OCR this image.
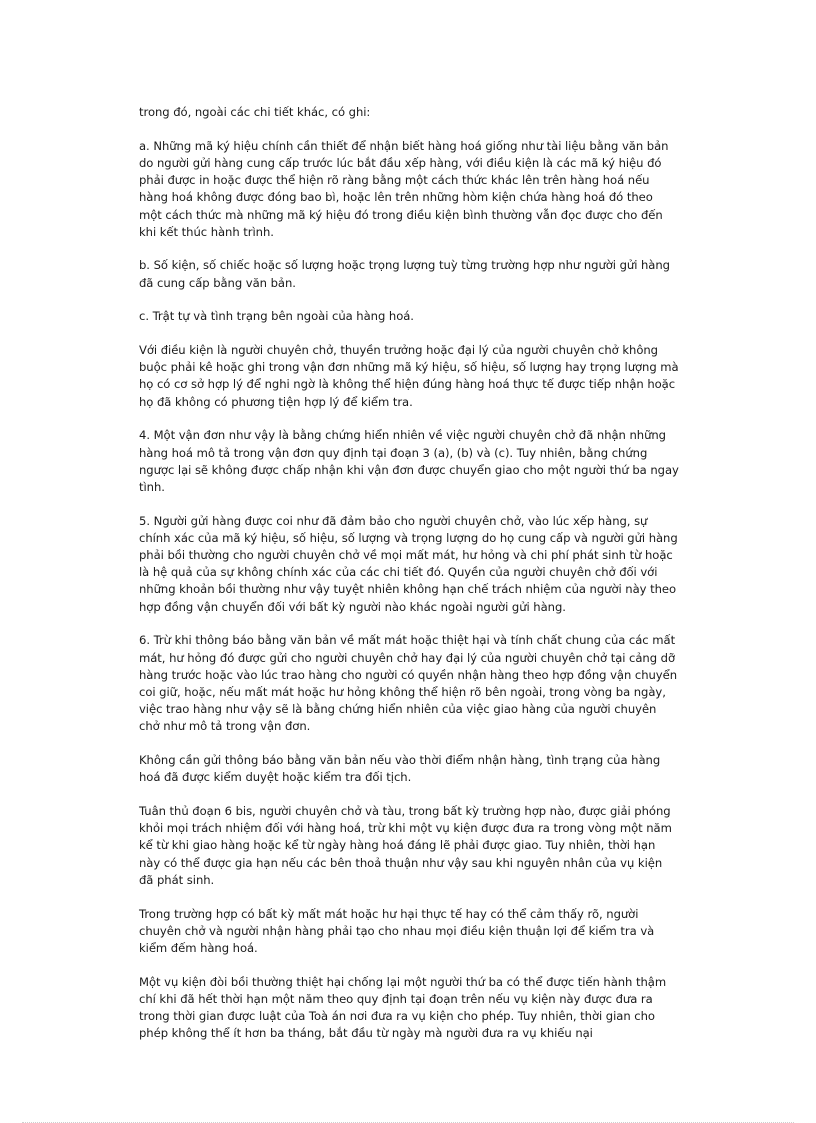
trong đó, ngoài các chi tiết khác, có ghi:

a. Những mã ký hiệu chính cần thiết để nhận biết hàng hoá giống như tài liệu bằng văn bản do người gửi hàng cung cấp trước lúc bắt đầu xếp hàng, với điều kiện là các mã ký hiệu đó phải được in hoặc được thể hiện rõ ràng bằng một cách thức khác lên trên hàng hoá nếu hàng hoá không được đóng bao bì, hoặc lên trên những hòm kiện chứa hàng hoá đó theo một cách thức mà những mã ký hiệu đó trong điều kiện bình thường vẫn đọc được cho đến khi kết thúc hành trình.

b. Số kiện, số chiếc hoặc số lượng hoặc trọng lượng tuỳ từng trường hợp như người gửi hàng đã cung cấp bằng văn bản.

c. Trật tự và tình trạng bên ngoài của hàng hoá.

Với điều kiện là người chuyên chở, thuyền trưởng hoặc đại lý của người chuyên chở không buộc phải kê hoặc ghi trong vận đơn những mã ký hiệu, số hiệu, số lượng hay trọng lượng mà họ có cơ sở hợp lý để nghi ngờ là không thể hiện đúng hàng hoá thực tế được tiếp nhận hoặc họ đã không có phương tiện hợp lý để kiểm tra.

4. Một vận đơn như vậy là bằng chứng hiển nhiên về việc người chuyên chở đã nhận những hàng hoá mô tả trong vận đơn quy định tại đoạn 3 (a), (b) và (c). Tuy nhiên, bằng chứng ngược lại sẽ không được chấp nhận khi vận đơn được chuyển giao cho một người thứ ba ngay tình.

5. Người gửi hàng được coi như đã đảm bảo cho người chuyên chở, vào lúc xếp hàng, sự chính xác của mã ký hiệu, số hiệu, số lượng và trọng lượng do họ cung cấp và người gửi hàng phải bồi thường cho người chuyên chở về mọi mất mát, hư hỏng và chi phí phát sinh từ hoặc là hệ quả của sự không chính xác của các chi tiết đó. Quyền của người chuyên chở đối với những khoản bồi thường như vậy tuyệt nhiên không hạn chế trách nhiệm của người này theo hợp đồng vận chuyển đối với bất kỳ người nào khác ngoài người gửi hàng.

6. Trừ khi thông báo bằng văn bản về mất mát hoặc thiệt hại và tính chất chung của các mất mát, hư hỏng đó được gửi cho người chuyên chở hay đại lý của người chuyên chở tại cảng dỡ hàng trước hoặc vào lúc trao hàng cho người có quyền nhận hàng theo hợp đồng vận chuyển coi giữ, hoặc, nếu mất mát hoặc hư hỏng không thể hiện rõ bên ngoài, trong vòng ba ngày, việc trao hàng như vậy sẽ là bằng chứng hiển nhiên của việc giao hàng của người chuyên chở như mô tả trong vận đơn.

Không cần gửi thông báo bằng văn bản nếu vào thời điểm nhận hàng, tình trạng của hàng hoá đã được kiểm duyệt hoặc kiểm tra đối tịch.

Tuân thủ đoạn 6 bis, người chuyên chở và tàu, trong bất kỳ trường hợp nào, được giải phóng khỏi mọi trách nhiệm đối với hàng hoá, trừ khi một vụ kiện được đưa ra trong vòng một năm kể từ khi giao hàng hoặc kể từ ngày hàng hoá đáng lẽ phải được giao. Tuy nhiên, thời hạn này có thể được gia hạn nếu các bên thoả thuận như vậy sau khi nguyên nhân của vụ kiện đã phát sinh.

Trong trường hợp có bất kỳ mất mát hoặc hư hại thực tế hay có thể cảm thấy rõ, người chuyên chở và người nhận hàng phải tạo cho nhau mọi điều kiện thuận lợi để kiểm tra và kiểm đếm hàng hoá.

Một vụ kiện đòi bồi thường thiệt hại chống lại một người thứ ba có thể được tiến hành thậm chí khi đã hết thời hạn một năm theo quy định tại đoạn trên nếu vụ kiện này được đưa ra trong thời gian được luật của Toà án nơi đưa ra vụ kiện cho phép. Tuy nhiên, thời gian cho phép không thể ít hơn ba tháng, bắt đầu từ ngày mà người đưa ra vụ khiếu nại
